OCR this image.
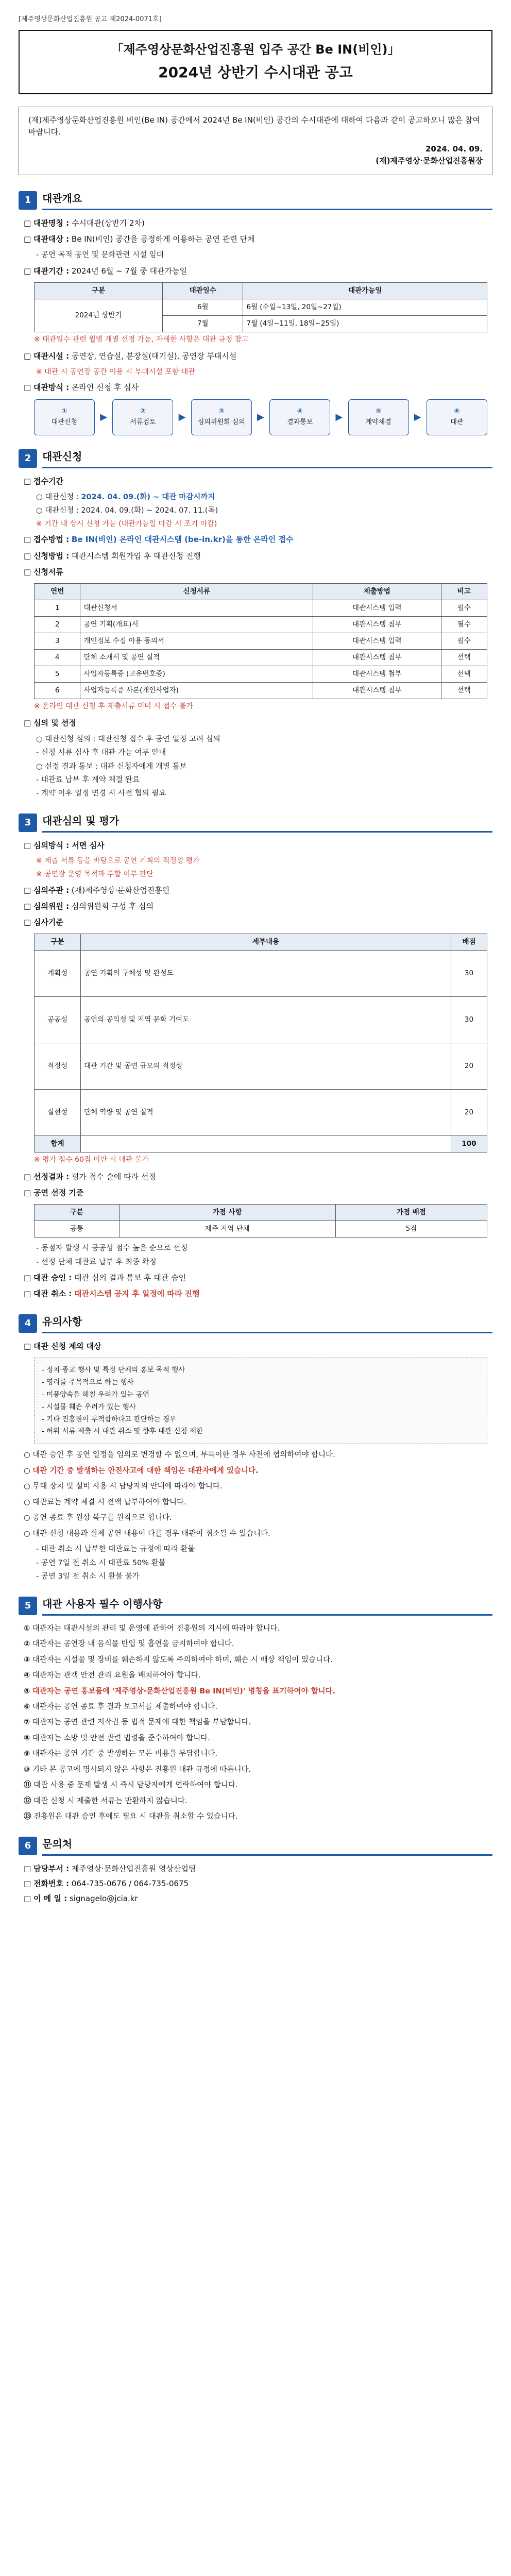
[제주영상문화산업진흥원 공고 제2024-0071호]
「제주영상문화산업진흥원 입주 공간 Be IN(비인)」
2024년 상반기 수시대관 공고
(재)제주영상문화산업진흥원 비인(Be IN) 공간에서 2024년 Be IN(비인) 공간의 수시대관에 대하여 다음과 같이 공고하오니 많은 참여 바랍니다.
2024. 04. 09.
(재)제주영상·문화산업진흥원장
1	대관개요
□ 대관명칭 : 수시대관(상반기 2차)
□ 대관대상 : Be IN(비인) 공간을 공정하게 이용하는 공연 관련 단체
- 공연 목적 공연 및 문화관련 시설 임대
□ 대관기간 : 2024년 6월 ~ 7월 중 대관가능일
구분	대관일수	대관가능일
2024년 상반기	6월	6월 (수일~13일, 20일~27일)
	7월	7월 (4일~11일, 18일~25일)
※ 대관일수 관련 월별 개별 선정 가능, 자세한 사항은 대관 규정 참고
□ 대관시설 : 공연장, 연습실, 분장실(대기실), 공연장 부대시설
※ 대관 시 공연장 공간 이용 시 부대시설 포함 대관
□ 대관방식 : 온라인 신청 후 심사
①
대관신청 ▶	②
서류검토 ▶	③
심의위원회 심의 ▶	④
결과통보 ▶	⑤
계약체결 ▶	⑥
대관
2	대관신청
□ 접수기간
○ 대관신청 : 2024. 04. 09.(화) ~ 대관 마감시까지
○ 대관신청 : 2024. 04. 09.(화) ~ 2024. 07. 11.(목)
※ 기간 내 상시 신청 가능 (대관가능일 마감 시 조기 마감)
□ 접수방법 : Be IN(비인) 온라인 대관시스템 (be-in.kr)을 통한 온라인 접수
□ 신청방법 : 대관시스템 회원가입 후 대관신청 진행
□ 신청서류
연번	신청서류	제출방법	비고
1	대관신청서	대관시스템 입력	필수
2	공연 기획(개요)서	대관시스템 첨부	필수
3	개인정보 수집 이용 동의서	대관시스템 입력	필수
4	단체 소개서 및 공연 실적	대관시스템 첨부	선택
5	사업자등록증 (고유번호증)	대관시스템 첨부	선택
6	사업자등록증 사본(개인사업자)	대관시스템 첨부	선택
※ 온라인 대관 신청 후 제출서류 미비 시 접수 불가
□ 심의 및 선정
○ 대관신청 심의 : 대관신청 접수 후 공연 일정 고려 심의
- 신청 서류 심사 후 대관 가능 여부 안내
○ 선정 결과 통보 : 대관 신청자에게 개별 통보
- 대관료 납부 후 계약 체결 완료
- 계약 이후 일정 변경 시 사전 협의 필요
3	대관심의 및 평가
□ 심의방식 : 서면 심사
※ 제출 서류 등을 바탕으로 공연 기획의 적정성 평가
※ 공연장 운영 목적과 부합 여부 판단
□ 심의주관 : (재)제주영상·문화산업진흥원
□ 심의위원 : 심의위원회 구성 후 심의
□ 심사기준
구분	세부내용	배점
계획성	공연 기획의 구체성 및 완성도	30
공공성	공연의 공익성 및 지역 문화 기여도	30
적정성	대관 기간 및 공연 규모의 적정성	20
실현성	단체 역량 및 공연 실적	20
합계		100
※ 평가 점수 60점 미만 시 대관 불가
□ 선정결과 : 평가 점수 순에 따라 선정
□ 공연 선정 기준
구분	가점 사항	가점 배점
공통	제주 지역 단체	5점
- 동점자 발생 시 공공성 점수 높은 순으로 선정
- 선정 단체 대관료 납부 후 최종 확정
□ 대관 승인 : 대관 심의 결과 통보 후 대관 승인
□ 대관 취소 : 대관시스템 공지 후 일정에 따라 진행
4	유의사항
□ 대관 신청 제외 대상

- 정치·종교 행사 및 특정 단체의 홍보 목적 행사

- 영리를 주목적으로 하는 행사

- 미풍양속을 해칠 우려가 있는 공연

- 시설물 훼손 우려가 있는 행사

- 기타 진흥원이 부적합하다고 판단하는 경우

- 허위 서류 제출 시 대관 취소 및 향후 대관 신청 제한

○ 대관 승인 후 공연 일정을 임의로 변경할 수 없으며, 부득이한 경우 사전에 협의하여야 합니다.
○ 대관 기간 중 발생하는 안전사고에 대한 책임은 대관자에게 있습니다.
○ 무대 장치 및 설비 사용 시 담당자의 안내에 따라야 합니다.
○ 대관료는 계약 체결 시 전액 납부하여야 합니다.
○ 공연 종료 후 원상 복구를 원칙으로 합니다.
○ 대관 신청 내용과 실제 공연 내용이 다를 경우 대관이 취소될 수 있습니다.
- 대관 취소 시 납부한 대관료는 규정에 따라 환불
- 공연 7일 전 취소 시 대관료 50% 환불
- 공연 3일 전 취소 시 환불 불가
5	대관 사용자 필수 이행사항
① 대관자는 대관시설의 관리 및 운영에 관하여 진흥원의 지시에 따라야 합니다.
② 대관자는 공연장 내 음식물 반입 및 흡연을 금지하여야 합니다.
③ 대관자는 시설물 및 장비를 훼손하지 않도록 주의하여야 하며, 훼손 시 배상 책임이 있습니다.
④ 대관자는 관객 안전 관리 요원을 배치하여야 합니다.
⑤ 대관자는 공연 홍보물에 '제주영상·문화산업진흥원 Be IN(비인)' 명칭을 표기하여야 합니다.
⑥ 대관자는 공연 종료 후 결과 보고서를 제출하여야 합니다.
⑦ 대관자는 공연 관련 저작권 등 법적 문제에 대한 책임을 부담합니다.
⑧ 대관자는 소방 및 안전 관련 법령을 준수하여야 합니다.
⑨ 대관자는 공연 기간 중 발생하는 모든 비용을 부담합니다.
⑩ 기타 본 공고에 명시되지 않은 사항은 진흥원 대관 규정에 따릅니다.
⑪ 대관 사용 중 문제 발생 시 즉시 담당자에게 연락하여야 합니다.
⑫ 대관 신청 시 제출한 서류는 반환하지 않습니다.
⑬ 진흥원은 대관 승인 후에도 필요 시 대관을 취소할 수 있습니다.
6	문의처
□ 담당부서 : 제주영상·문화산업진흥원 영상산업팀
□ 전화번호 : 064-735-0676 / 064-735-0675
□ 이 메 일 : signagelo@jcia.kr
